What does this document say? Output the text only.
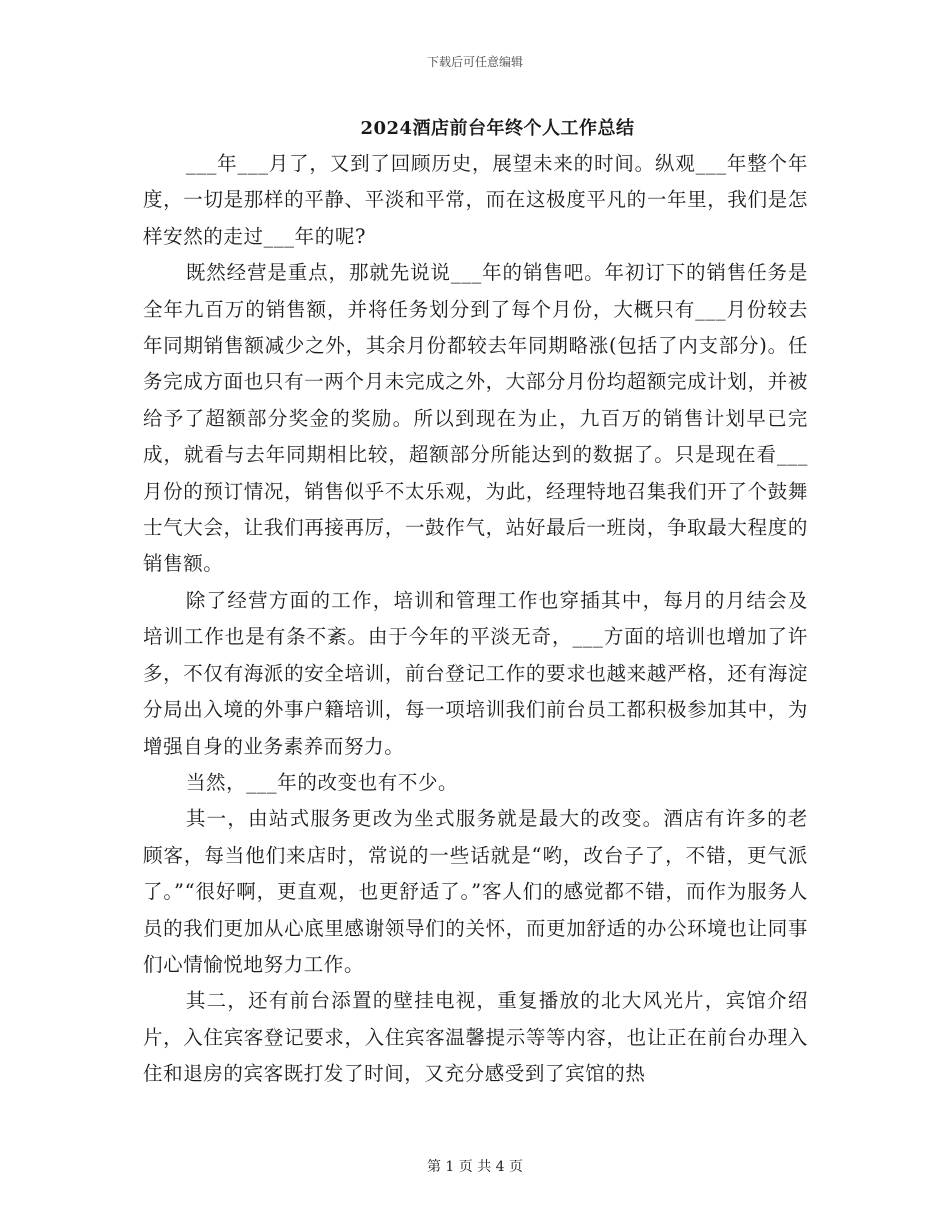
下载后可任意编辑
2024酒店前台年终个人工作总结

___年___月了，又到了回顾历史，展望未来的时间。纵观___年整个年度，一切是那样的平静、平淡和平常，而在这极度平凡的一年里，我们是怎样安然的走过___年的呢?

既然经营是重点，那就先说说___年的销售吧。年初订下的销售任务是全年九百万的销售额，并将任务划分到了每个月份，大概只有___月份较去年同期销售额减少之外，其余月份都较去年同期略涨(包括了内支部分)。任务完成方面也只有一两个月未完成之外，大部分月份均超额完成计划，并被给予了超额部分奖金的奖励。所以到现在为止，九百万的销售计划早已完成，就看与去年同期相比较，超额部分所能达到的数据了。只是现在看___月份的预订情况，销售似乎不太乐观，为此，经理特地召集我们开了个鼓舞士气大会，让我们再接再厉，一鼓作气，站好最后一班岗，争取最大程度的销售额。

除了经营方面的工作，培训和管理工作也穿插其中，每月的月结会及培训工作也是有条不紊。由于今年的平淡无奇，___方面的培训也增加了许多，不仅有海派的安全培训，前台登记工作的要求也越来越严格，还有海淀分局出入境的外事户籍培训，每一项培训我们前台员工都积极参加其中，为增强自身的业务素养而努力。

当然，___年的改变也有不少。

其一，由站式服务更改为坐式服务就是最大的改变。酒店有许多的老顾客，每当他们来店时，常说的一些话就是“哟，改台子了，不错，更气派了。”“很好啊，更直观，也更舒适了。”客人们的感觉都不错，而作为服务人员的我们更加从心底里感谢领导们的关怀，而更加舒适的办公环境也让同事们心情愉悦地努力工作。

其二，还有前台添置的壁挂电视，重复播放的北大风光片，宾馆介绍片，入住宾客登记要求，入住宾客温馨提示等等内容，也让正在前台办理入住和退房的宾客既打发了时间，又充分感受到了宾馆的热

第 1 页 共 4 页
